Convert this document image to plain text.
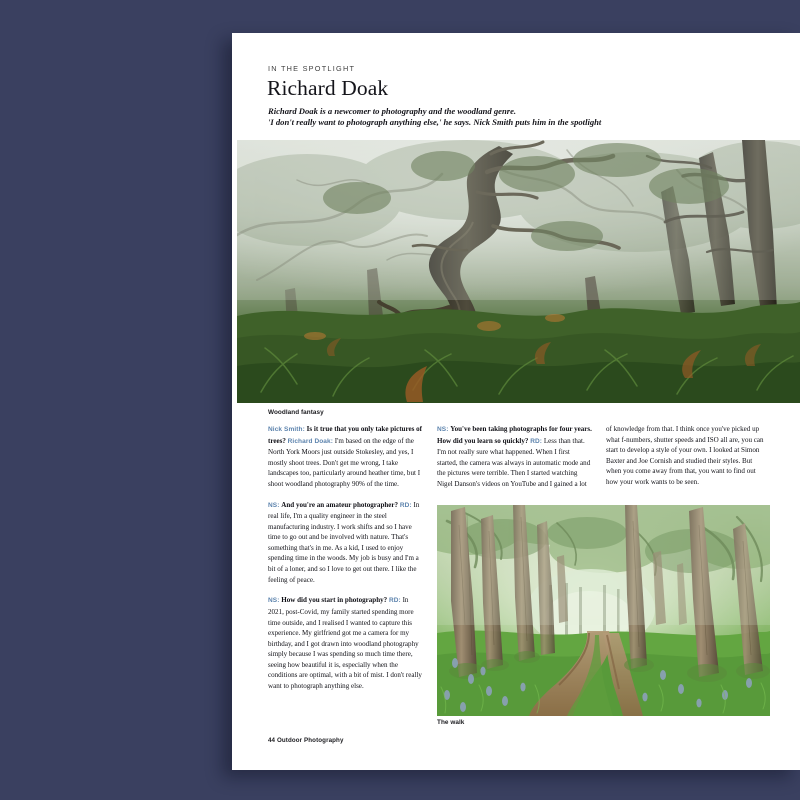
IN THE SPOTLIGHT
Richard Doak
Richard Doak is a newcomer to photography and the woodland genre.
'I don't really want to photograph anything else,' he says. Nick Smith puts him in the spotlight
Woodland fantasy

Nick Smith: Is it true that you only take pictures of trees? Richard Doak: I'm based on the edge of the North York Moors just outside Stokesley, and yes, I mostly shoot trees. Don't get me wrong, I take landscapes too, particularly around heather time, but I shoot woodland photography 90% of the time.

NS: And you're an amateur photographer? RD: In real life, I'm a quality engineer in the steel manufacturing industry. I work shifts and so I have time to go out and be involved with nature. That's something that's in me. As a kid, I used to enjoy spending time in the woods. My job is busy and I'm a bit of a loner, and so I love to get out there. I like the feeling of peace.

NS: How did you start in photography? RD: In 2021, post-Covid, my family started spending more time outside, and I realised I wanted to capture this experience. My girlfriend got me a camera for my birthday, and I got drawn into woodland photography simply because I was spending so much time there, seeing how beautiful it is, especially when the conditions are optimal, with a bit of mist. I don't really want to photograph anything else.

NS: You've been taking photographs for four years. How did you learn so quickly? RD: Less than that. I'm not really sure what happened. When I first started, the camera was always in automatic mode and the pictures were terrible. Then I started watching Nigel Danson's videos on YouTube and I gained a lot

of knowledge from that. I think once you've picked up what f-numbers, shutter speeds and ISO all are, you can start to develop a style of your own. I looked at Simon Baxter and Joe Cornish and studied their styles. But when you come away from that, you want to find out how your work wants to be seen.

The walk
44 Outdoor Photography
